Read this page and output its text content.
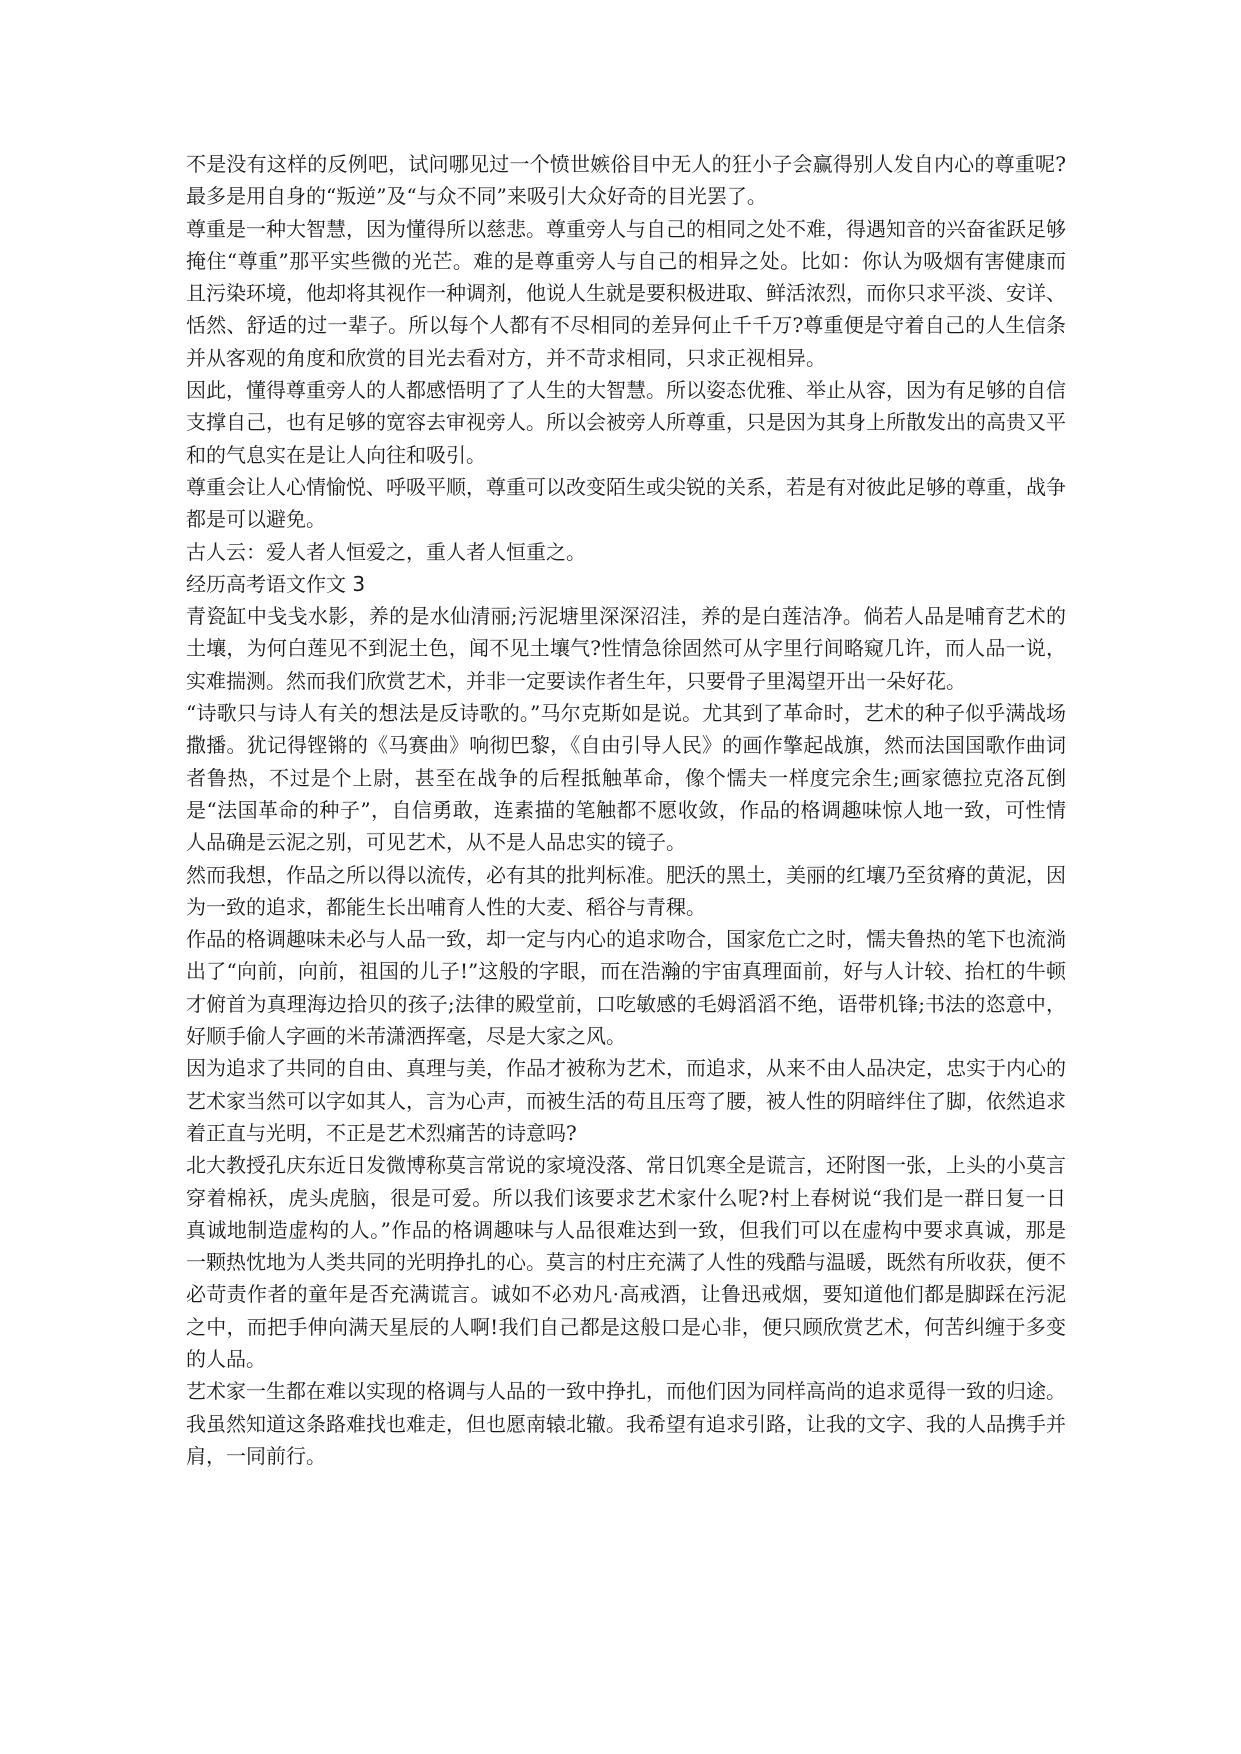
不是没有这样的反例吧，试问哪见过一个愤世嫉俗目中无人的狂小子会赢得别人发自内心的尊重呢?最多是用自身的“叛逆”及“与众不同”来吸引大众好奇的目光罢了。

尊重是一种大智慧，因为懂得所以慈悲。尊重旁人与自己的相同之处不难，得遇知音的兴奋雀跃足够掩住“尊重”那平实些微的光芒。难的是尊重旁人与自己的相异之处。比如：你认为吸烟有害健康而且污染环境，他却将其视作一种调剂，他说人生就是要积极进取、鲜活浓烈，而你只求平淡、安详、恬然、舒适的过一辈子。所以每个人都有不尽相同的差异何止千千万?尊重便是守着自己的人生信条并从客观的角度和欣赏的目光去看对方，并不苛求相同，只求正视相异。

因此，懂得尊重旁人的人都感悟明了了人生的大智慧。所以姿态优雅、举止从容，因为有足够的自信支撑自己，也有足够的宽容去审视旁人。所以会被旁人所尊重，只是因为其身上所散发出的高贵又平和的气息实在是让人向往和吸引。

尊重会让人心情愉悦、呼吸平顺，尊重可以改变陌生或尖锐的关系，若是有对彼此足够的尊重，战争都是可以避免。

古人云：爱人者人恒爱之，重人者人恒重之。

经历高考语文作文 3

青瓷缸中戋戋水影，养的是水仙清丽;污泥塘里深深沼洼，养的是白莲洁净。倘若人品是哺育艺术的土壤，为何白莲见不到泥土色，闻不见土壤气?性情急徐固然可从字里行间略窥几许，而人品一说，实难揣测。然而我们欣赏艺术，并非一定要读作者生年，只要骨子里渴望开出一朵好花。

“诗歌只与诗人有关的想法是反诗歌的。”马尔克斯如是说。尤其到了革命时，艺术的种子似乎满战场撒播。犹记得铿锵的《马赛曲》响彻巴黎，《自由引导人民》的画作擎起战旗，然而法国国歌作曲词者鲁热，不过是个上尉，甚至在战争的后程抵触革命，像个懦夫一样度完余生;画家德拉克洛瓦倒是“法国革命的种子”，自信勇敢，连素描的笔触都不愿收敛，作品的格调趣味惊人地一致，可性情人品确是云泥之别，可见艺术，从不是人品忠实的镜子。

然而我想，作品之所以得以流传，必有其的批判标准。肥沃的黑土，美丽的红壤乃至贫瘠的黄泥，因为一致的追求，都能生长出哺育人性的大麦、稻谷与青稞。

作品的格调趣味未必与人品一致，却一定与内心的追求吻合，国家危亡之时，懦夫鲁热的笔下也流淌出了“向前，向前，祖国的儿子!”这般的字眼，而在浩瀚的宇宙真理面前，好与人计较、抬杠的牛顿才俯首为真理海边拾贝的孩子;法律的殿堂前，口吃敏感的毛姆滔滔不绝，语带机锋;书法的恣意中，好顺手偷人字画的米芾潇洒挥毫，尽是大家之风。

因为追求了共同的自由、真理与美，作品才被称为艺术，而追求，从来不由人品决定，忠实于内心的艺术家当然可以字如其人，言为心声，而被生活的苟且压弯了腰，被人性的阴暗绊住了脚，依然追求着正直与光明，不正是艺术烈痛苦的诗意吗?

北大教授孔庆东近日发微博称莫言常说的家境没落、常日饥寒全是谎言，还附图一张，上头的小莫言穿着棉袄，虎头虎脑，很是可爱。所以我们该要求艺术家什么呢?村上春树说“我们是一群日复一日真诚地制造虚构的人。”作品的格调趣味与人品很难达到一致，但我们可以在虚构中要求真诚，那是一颗热忱地为人类共同的光明挣扎的心。莫言的村庄充满了人性的残酷与温暖，既然有所收获，便不必苛责作者的童年是否充满谎言。诚如不必劝凡·高戒酒，让鲁迅戒烟，要知道他们都是脚踩在污泥之中，而把手伸向满天星辰的人啊!我们自己都是这般口是心非，便只顾欣赏艺术，何苦纠缠于多变的人品。

艺术家一生都在难以实现的格调与人品的一致中挣扎，而他们因为同样高尚的追求觅得一致的归途。

我虽然知道这条路难找也难走，但也愿南辕北辙。我希望有追求引路，让我的文字、我的人品携手并肩，一同前行。
